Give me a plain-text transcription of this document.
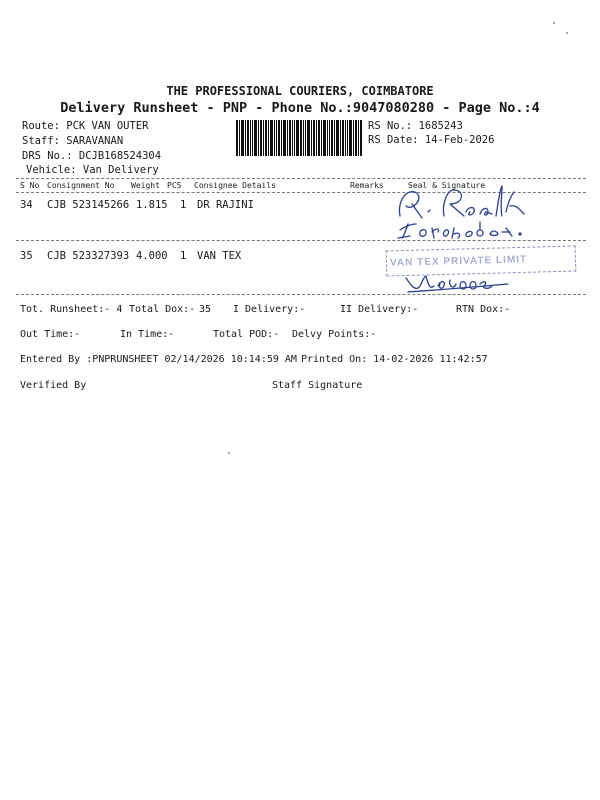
THE PROFESSIONAL COURIERS, COIMBATORE
Delivery Runsheet - PNP - Phone No.:9047080280 - Page No.:4
Route: PCK VAN OUTER
Staff: SARAVANAN
DRS No.: DCJB168524304
Vehicle: Van Delivery
RS No.: 1685243
RS Date: 14-Feb-2026
S No Consignment No Weight PCS Consignee Details	Remarks	Seal & Signature
34 CJB 523145266 1.815 1 DR RAJINI
35 CJB 523327393 4.000 1 VAN TEX	VAN TEX PRIVATE LIMIT
Tot. Runsheet:- 4 Total Dox:- 35 I Delivery:-	II Delivery:-	RTN Dox:-
Out Time:-	In Time:-	Total POD:- Delvy Points:-
Entered By :PNPRUNSHEET 02/14/2026 10:14:59 AM Printed On: 14-02-2026 11:42:57
Verified By	Staff Signature
